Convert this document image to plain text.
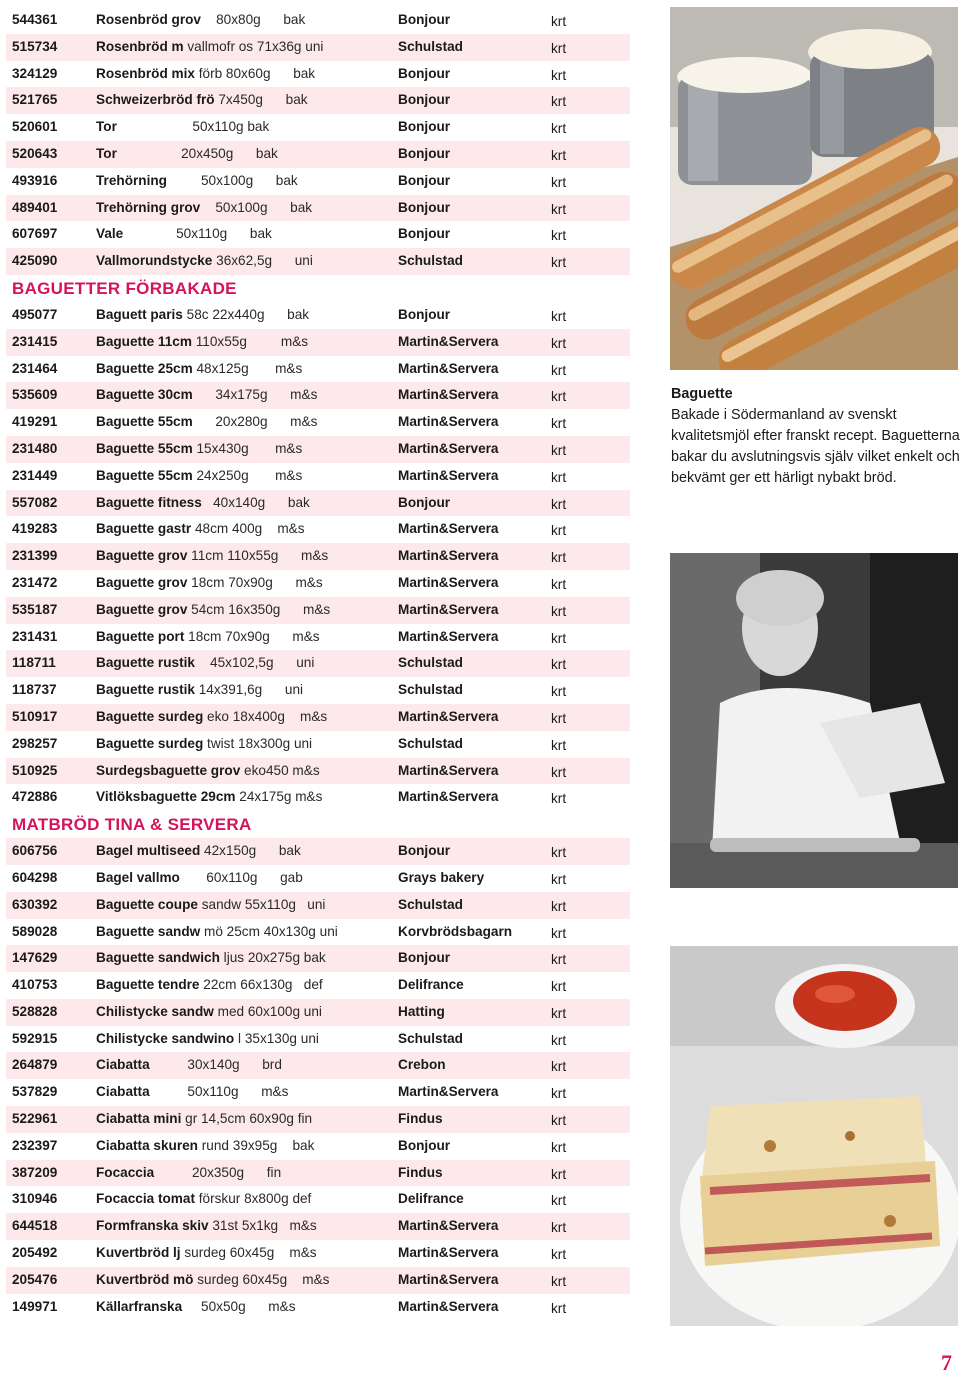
544361	Rosenbröd grov    80x80g      bak	Bonjour	krt
515734	Rosenbröd m vallmofr os 71x36g uni	Schulstad	krt
324129	Rosenbröd mix förb 80x60g      bak	Bonjour	krt
521765	Schweizerbröd frö 7x450g      bak	Bonjour	krt
520601	Tor                    50x110g bak	Bonjour	krt
520643	Tor                 20x450g      bak	Bonjour	krt
493916	Trehörning         50x100g      bak	Bonjour	krt
489401	Trehörning grov    50x100g      bak	Bonjour	krt
607697	Vale              50x110g      bak	Bonjour	krt
425090	Vallmorundstycke 36x62,5g      uni	Schulstad	krt
BAGUETTER FÖRBAKADE
495077	Baguett paris 58c 22x440g      bak	Bonjour	krt
231415	Baguette 11cm 110x55g         m&s	Martin&Servera	krt
231464	Baguette 25cm 48x125g       m&s	Martin&Servera	krt
535609	Baguette 30cm      34x175g      m&s	Martin&Servera	krt
419291	Baguette 55cm      20x280g      m&s	Martin&Servera	krt
231480	Baguette 55cm 15x430g       m&s	Martin&Servera	krt
231449	Baguette 55cm 24x250g       m&s	Martin&Servera	krt
557082	Baguette fitness   40x140g      bak	Bonjour	krt
419283	Baguette gastr 48cm 400g    m&s	Martin&Servera	krt
231399	Baguette grov 11cm 110x55g      m&s	Martin&Servera	krt
231472	Baguette grov 18cm 70x90g      m&s	Martin&Servera	krt
535187	Baguette grov 54cm 16x350g      m&s	Martin&Servera	krt
231431	Baguette port 18cm 70x90g      m&s	Martin&Servera	krt
118711	Baguette rustik    45x102,5g      uni	Schulstad	krt
118737	Baguette rustik 14x391,6g      uni	Schulstad	krt
510917	Baguette surdeg eko 18x400g    m&s	Martin&Servera	krt
298257	Baguette surdeg twist 18x300g uni	Schulstad	krt
510925	Surdegsbaguette grov eko450 m&s	Martin&Servera	krt
472886	Vitlöksbaguette 29cm 24x175g m&s	Martin&Servera	krt
MATBRÖD TINA & SERVERA
606756	Bagel multiseed 42x150g      bak	Bonjour	krt
604298	Bagel vallmo       60x110g      gab	Grays bakery	krt
630392	Baguette coupe sandw 55x110g   uni	Schulstad	krt
589028	Baguette sandw mö 25cm 40x130g uni	Korvbrödsbagarn	krt
147629	Baguette sandwich ljus 20x275g bak	Bonjour	krt
410753	Baguette tendre 22cm 66x130g   def	Delifrance	krt
528828	Chilistycke sandw med 60x100g uni	Hatting	krt
592915	Chilistycke sandwino l 35x130g uni	Schulstad	krt
264879	Ciabatta          30x140g      brd	Crebon	krt
537829	Ciabatta          50x110g      m&s	Martin&Servera	krt
522961	Ciabatta mini gr 14,5cm 60x90g fin	Findus	krt
232397	Ciabatta skuren rund 39x95g    bak	Bonjour	krt
387209	Focaccia          20x350g      fin	Findus	krt
310946	Focaccia tomat förskur 8x800g def	Delifrance	krt
644518	Formfranska skiv 31st 5x1kg   m&s	Martin&Servera	krt
205492	Kuvertbröd lj surdeg 60x45g    m&s	Martin&Servera	krt
205476	Kuvertbröd mö surdeg 60x45g    m&s	Martin&Servera	krt
149971	Källarfranska     50x50g      m&s	Martin&Servera	krt
Baguette
Bakade i Södermanland av svenskt kvalitetsmjöl efter franskt recept. Baguetterna bakar du avslutningsvis själv vilket enkelt och bekvämt ger ett härligt nybakt bröd.
7
